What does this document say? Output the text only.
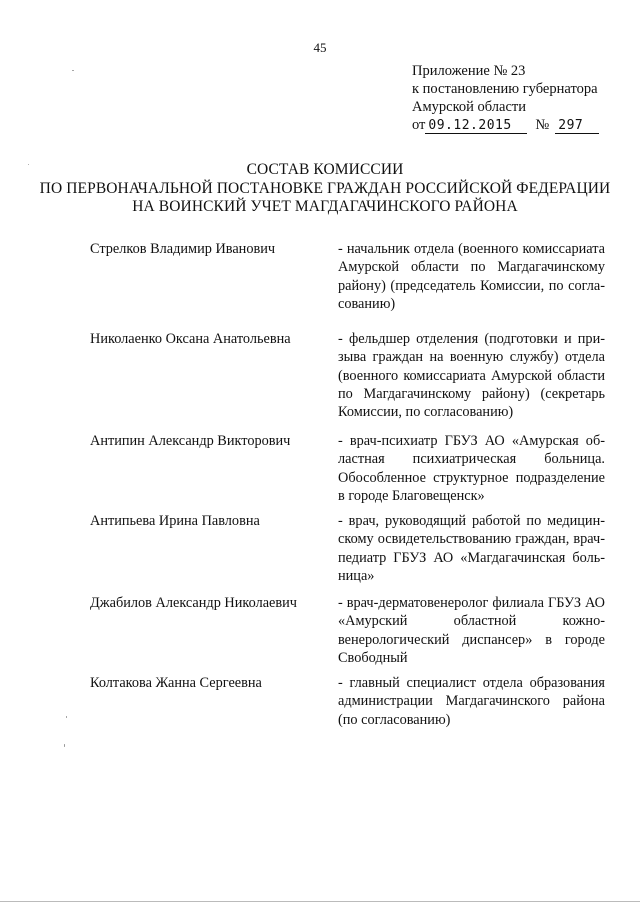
45
Приложение № 23
к постановлению губернатора
Амурской области
от 09.12.2015 № 297
СОСТАВ КОМИССИИ
ПО ПЕРВОНАЧАЛЬНОЙ ПОСТАНОВКЕ ГРАЖДАН РОССИЙСКОЙ ФЕДЕРАЦИИ
НА ВОИНСКИЙ УЧЕТ МАГДАГАЧИНСКОГО РАЙОНА
Стрелков Владимир Иванович	- начальник отдела (военного комиссариата Амурской области по Магдагачинскому району) (председатель Комиссии, по согласованию)
Николаенко Оксана Анатольевна	- фельдшер отделения (подготовки и призыва граждан на военную службу) отдела (военного комиссариата Амурской области по Магдагачинскому району) (секретарь Комиссии, по согласованию)
Антипин Александр Викторович	- врач-психиатр ГБУЗ АО «Амурская областная психиатрическая больница. Обособленное структурное подразделение в городе Благовещенск»
Антипьева Ирина Павловна	- врач, руководящий работой по медицинскому освидетельствованию граждан, врач-педиатр ГБУЗ АО «Магдагачинская больница»
Джабилов Александр Николаевич	- врач-дерматовенеролог филиала ГБУЗ АО «Амурский областной кожно-венерологический диспансер» в городе Свободный
Колтакова Жанна Сергеевна	- главный специалист отдела образования администрации Магдагачинского района (по согласованию)
